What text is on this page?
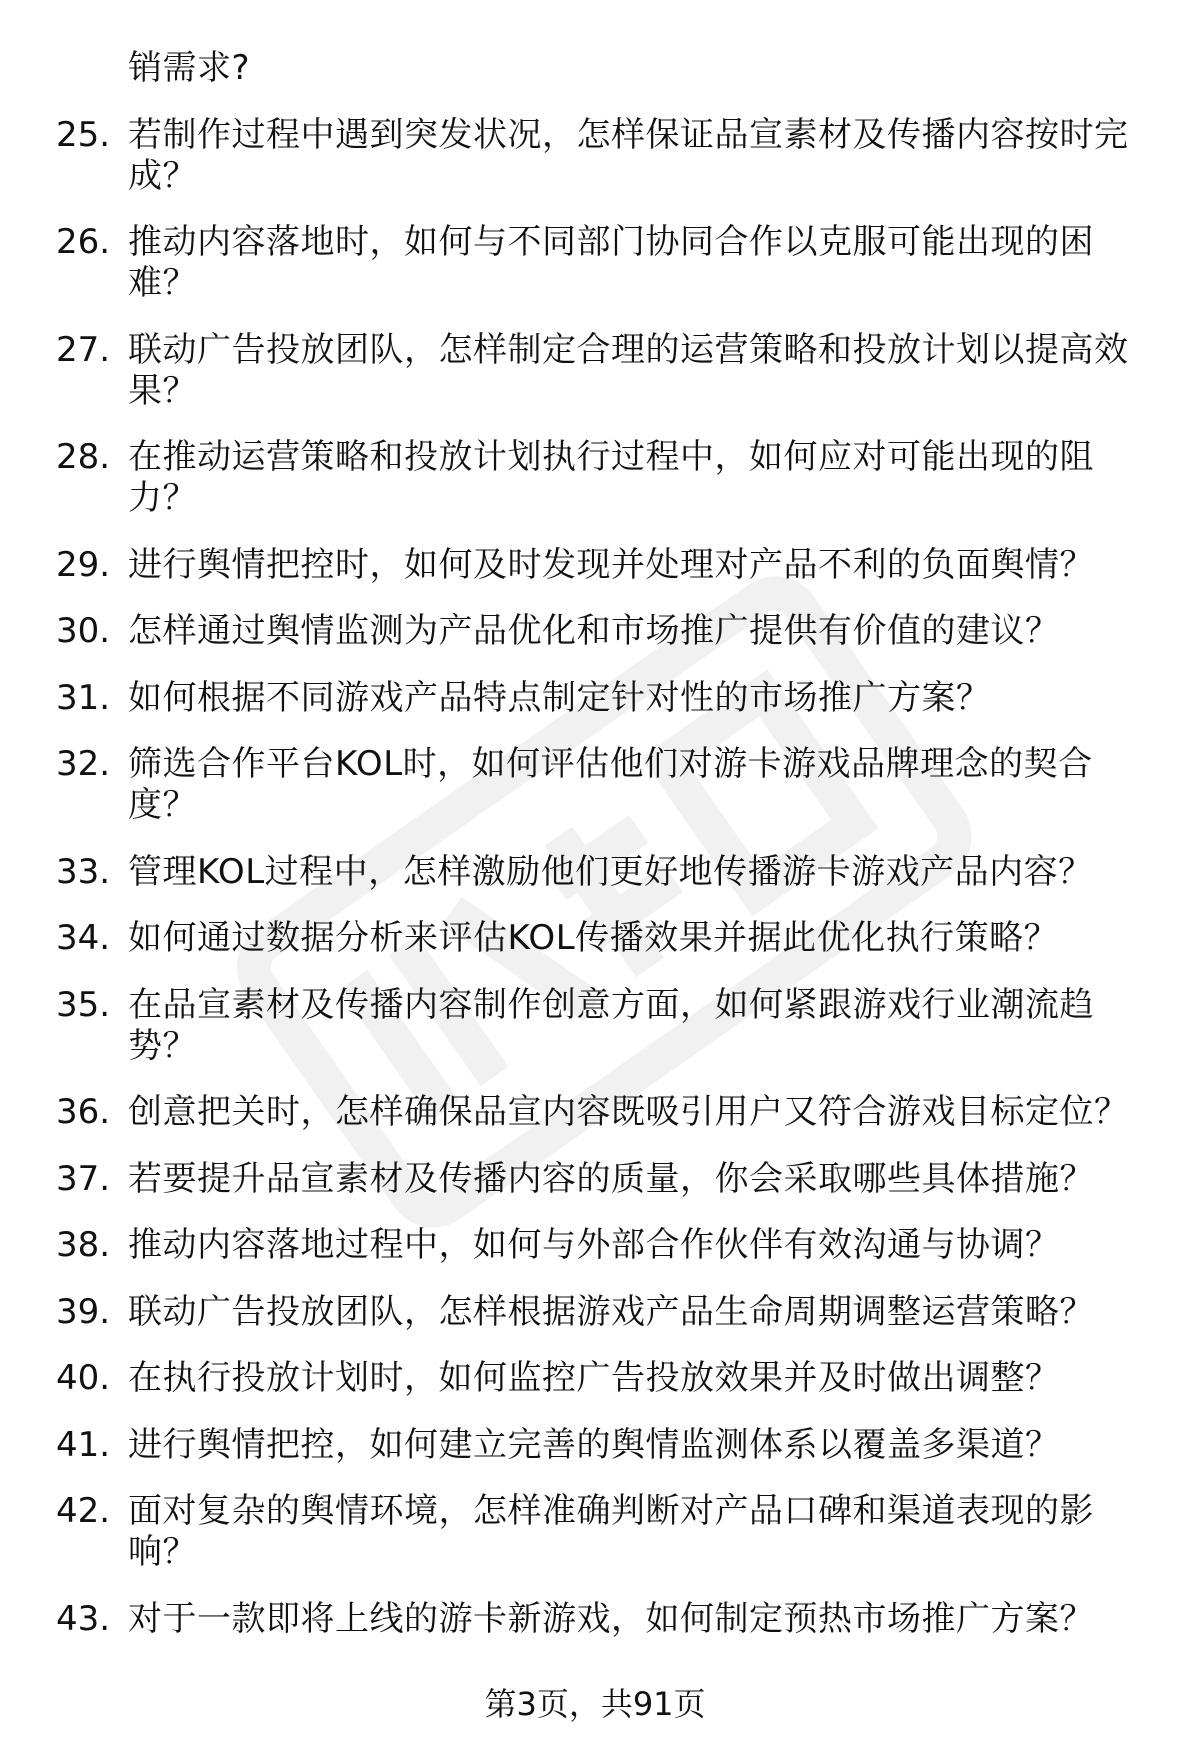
销需求?
25. 若制作过程中遇到突发状况，怎样保证品宣素材及传播内容按时完成？
26. 推动内容落地时，如何与不同部门协同合作以克服可能出现的困难？
27. 联动广告投放团队，怎样制定合理的运营策略和投放计划以提高效果？
28. 在推动运营策略和投放计划执行过程中，如何应对可能出现的阻力？
29. 进行舆情把控时，如何及时发现并处理对产品不利的负面舆情？
30. 怎样通过舆情监测为产品优化和市场推广提供有价值的建议？
31. 如何根据不同游戏产品特点制定针对性的市场推广方案？
32. 筛选合作平台KOL时，如何评估他们对游卡游戏品牌理念的契合度？
33. 管理KOL过程中，怎样激励他们更好地传播游卡游戏产品内容？
34. 如何通过数据分析来评估KOL传播效果并据此优化执行策略？
35. 在品宣素材及传播内容制作创意方面，如何紧跟游戏行业潮流趋势？
36. 创意把关时，怎样确保品宣内容既吸引用户又符合游戏目标定位？
37. 若要提升品宣素材及传播内容的质量，你会采取哪些具体措施？
38. 推动内容落地过程中，如何与外部合作伙伴有效沟通与协调？
39. 联动广告投放团队，怎样根据游戏产品生命周期调整运营策略？
40. 在执行投放计划时，如何监控广告投放效果并及时做出调整？
41. 进行舆情把控，如何建立完善的舆情监测体系以覆盖多渠道？
42. 面对复杂的舆情环境，怎样准确判断对产品口碑和渠道表现的影响？
43. 对于一款即将上线的游卡新游戏，如何制定预热市场推广方案？
第3页，共91页
